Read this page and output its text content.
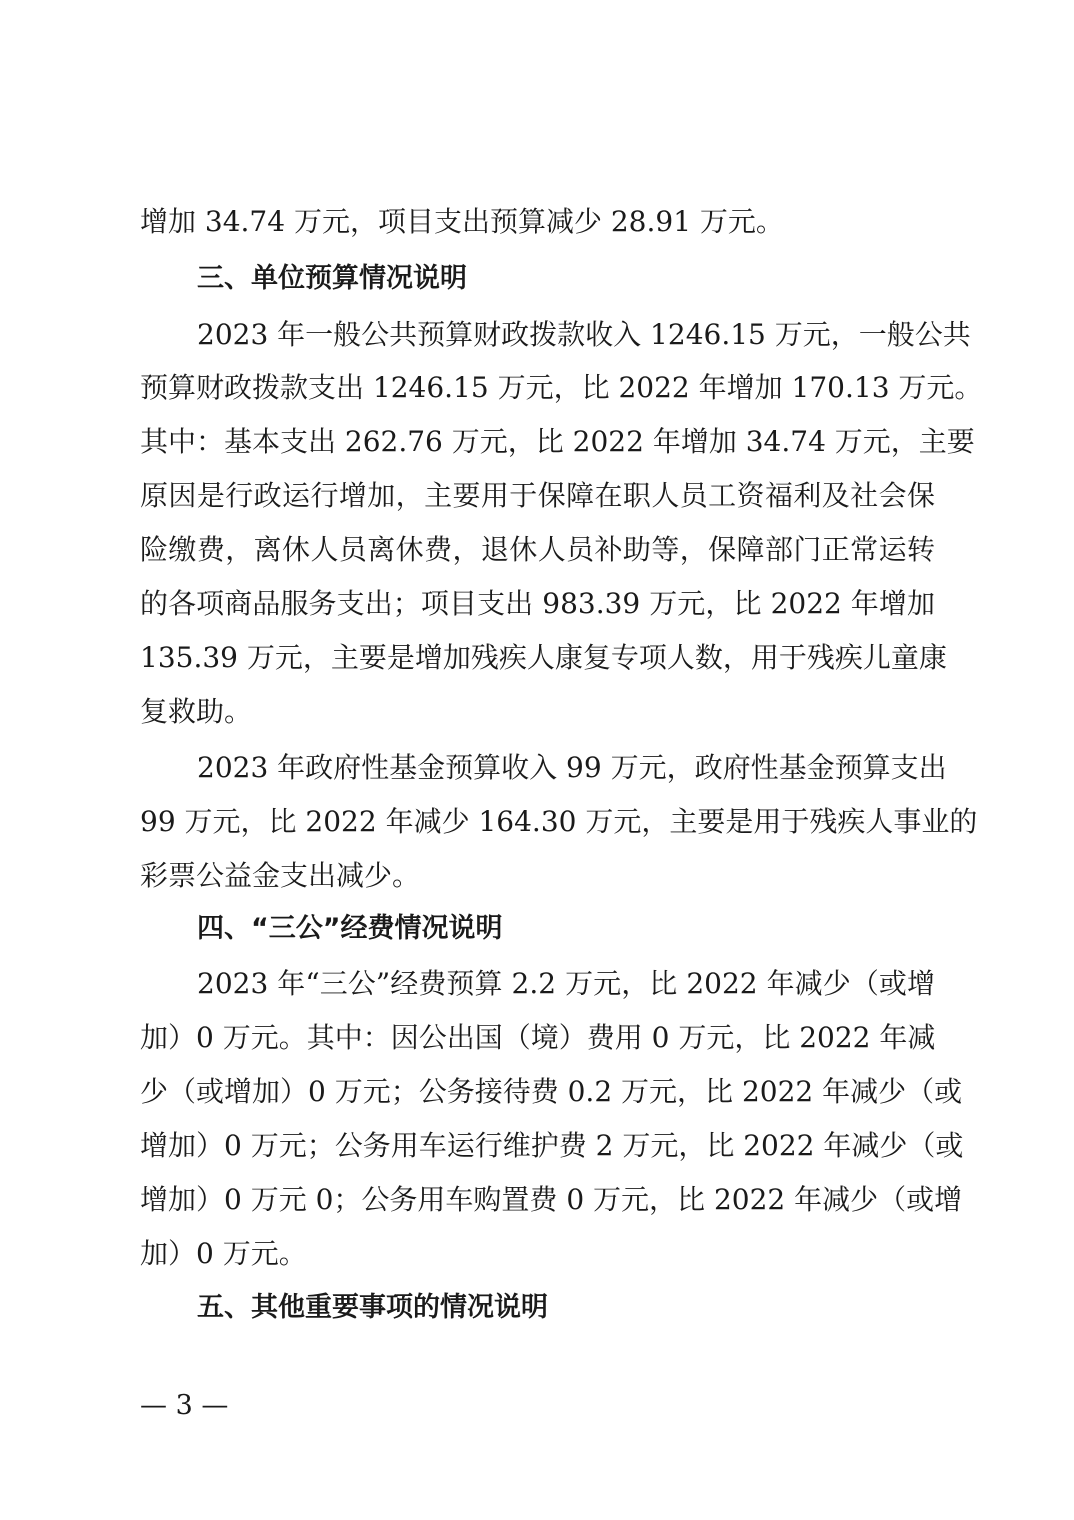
增加 34.74 万元，项目支出预算减少 28.91 万元。
三、单位预算情况说明
2023 年一般公共预算财政拨款收入 1246.15 万元，一般公共
预算财政拨款支出 1246.15 万元，比 2022 年增加 170.13 万元。
其中：基本支出 262.76 万元，比 2022 年增加 34.74 万元，主要
原因是行政运行增加，主要用于保障在职人员工资福利及社会保
险缴费，离休人员离休费，退休人员补助等，保障部门正常运转
的各项商品服务支出；项目支出 983.39 万元，比 2022 年增加
135.39 万元，主要是增加残疾人康复专项人数，用于残疾儿童康
复救助。
2023 年政府性基金预算收入 99 万元，政府性基金预算支出
99 万元，比 2022 年减少 164.30 万元，主要是用于残疾人事业的
彩票公益金支出减少。
四、“三公”经费情况说明
2023 年“三公”经费预算 2.2 万元，比 2022 年减少（或增
加）0 万元。其中：因公出国（境）费用 0 万元，比 2022 年减
少（或增加）0 万元；公务接待费 0.2 万元，比 2022 年减少（或
增加）0 万元；公务用车运行维护费 2 万元，比 2022 年减少（或
增加）0 万元 0；公务用车购置费 0 万元，比 2022 年减少（或增
加）0 万元。
五、其他重要事项的情况说明
— 3 —
